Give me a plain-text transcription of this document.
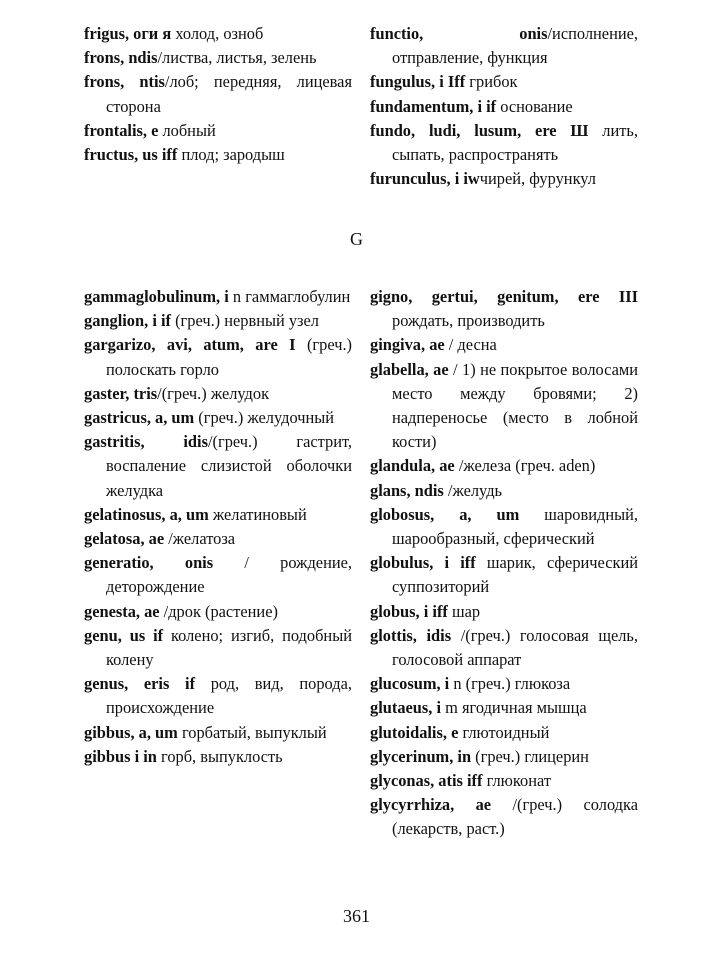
frigus, оги я холод, озноб
frons, ndis/листва, листья, зелень
frons, ntis/лоб; передняя, лицевая сторона
frontalis, e лобный
fructus, us iff плод; зародыш
functio, onis/исполнение, отправление, функция
fungulus, i Iff грибок
fundamentum, i if основание
fundo, ludi, lusum, ere Ш лить, сыпать, распространять
furunculus, i iwчирей, фурункул
G
gammaglobulinum, i n гаммаглобулин
ganglion, i if (греч.) нервный узел
gargarizo, avi, atum, are I (греч.) полоскать горло
gaster, tris/(греч.) желудок
gastricus, a, um (греч.) желудочный
gastritis, idis/(греч.) гастрит, воспаление слизистой оболочки желудка
gelatinosus, a, um желатиновый
gelatosa, ae /желатоза
generatio, onis / рождение, деторождение
genesta, ae /дрок (растение)
genu, us if колено; изгиб, подобный колену
genus, eris if род, вид, порода, происхождение
gibbus, a, um горбатый, выпуклый
gibbus i in горб, выпуклость
gigno, gertui, genitum, ere III рождать, производить
gingiva, ae / десна
glabella, ae / 1) не покрытое волосами место между бровями; 2) надпереносье (место в лобной кости)
glandula, ae /железа (греч. aden)
glans, ndis /желудь
globosus, a, um шаровидный, шарообразный, сферический
globulus, i iff шарик, сферический суппозиторий
globus, i iff шар
glottis, idis /(греч.) голосовая щель, голосовой аппарат
glucosum, i n (греч.) глюкоза
glutaeus, i m ягодичная мышца
glutoidalis, e глютоидный
glycerinum, in (греч.) глицерин
glyconas, atis iff глюконат
glycyrrhiza, ae /(греч.) солодка (лекарств, раст.)
361
